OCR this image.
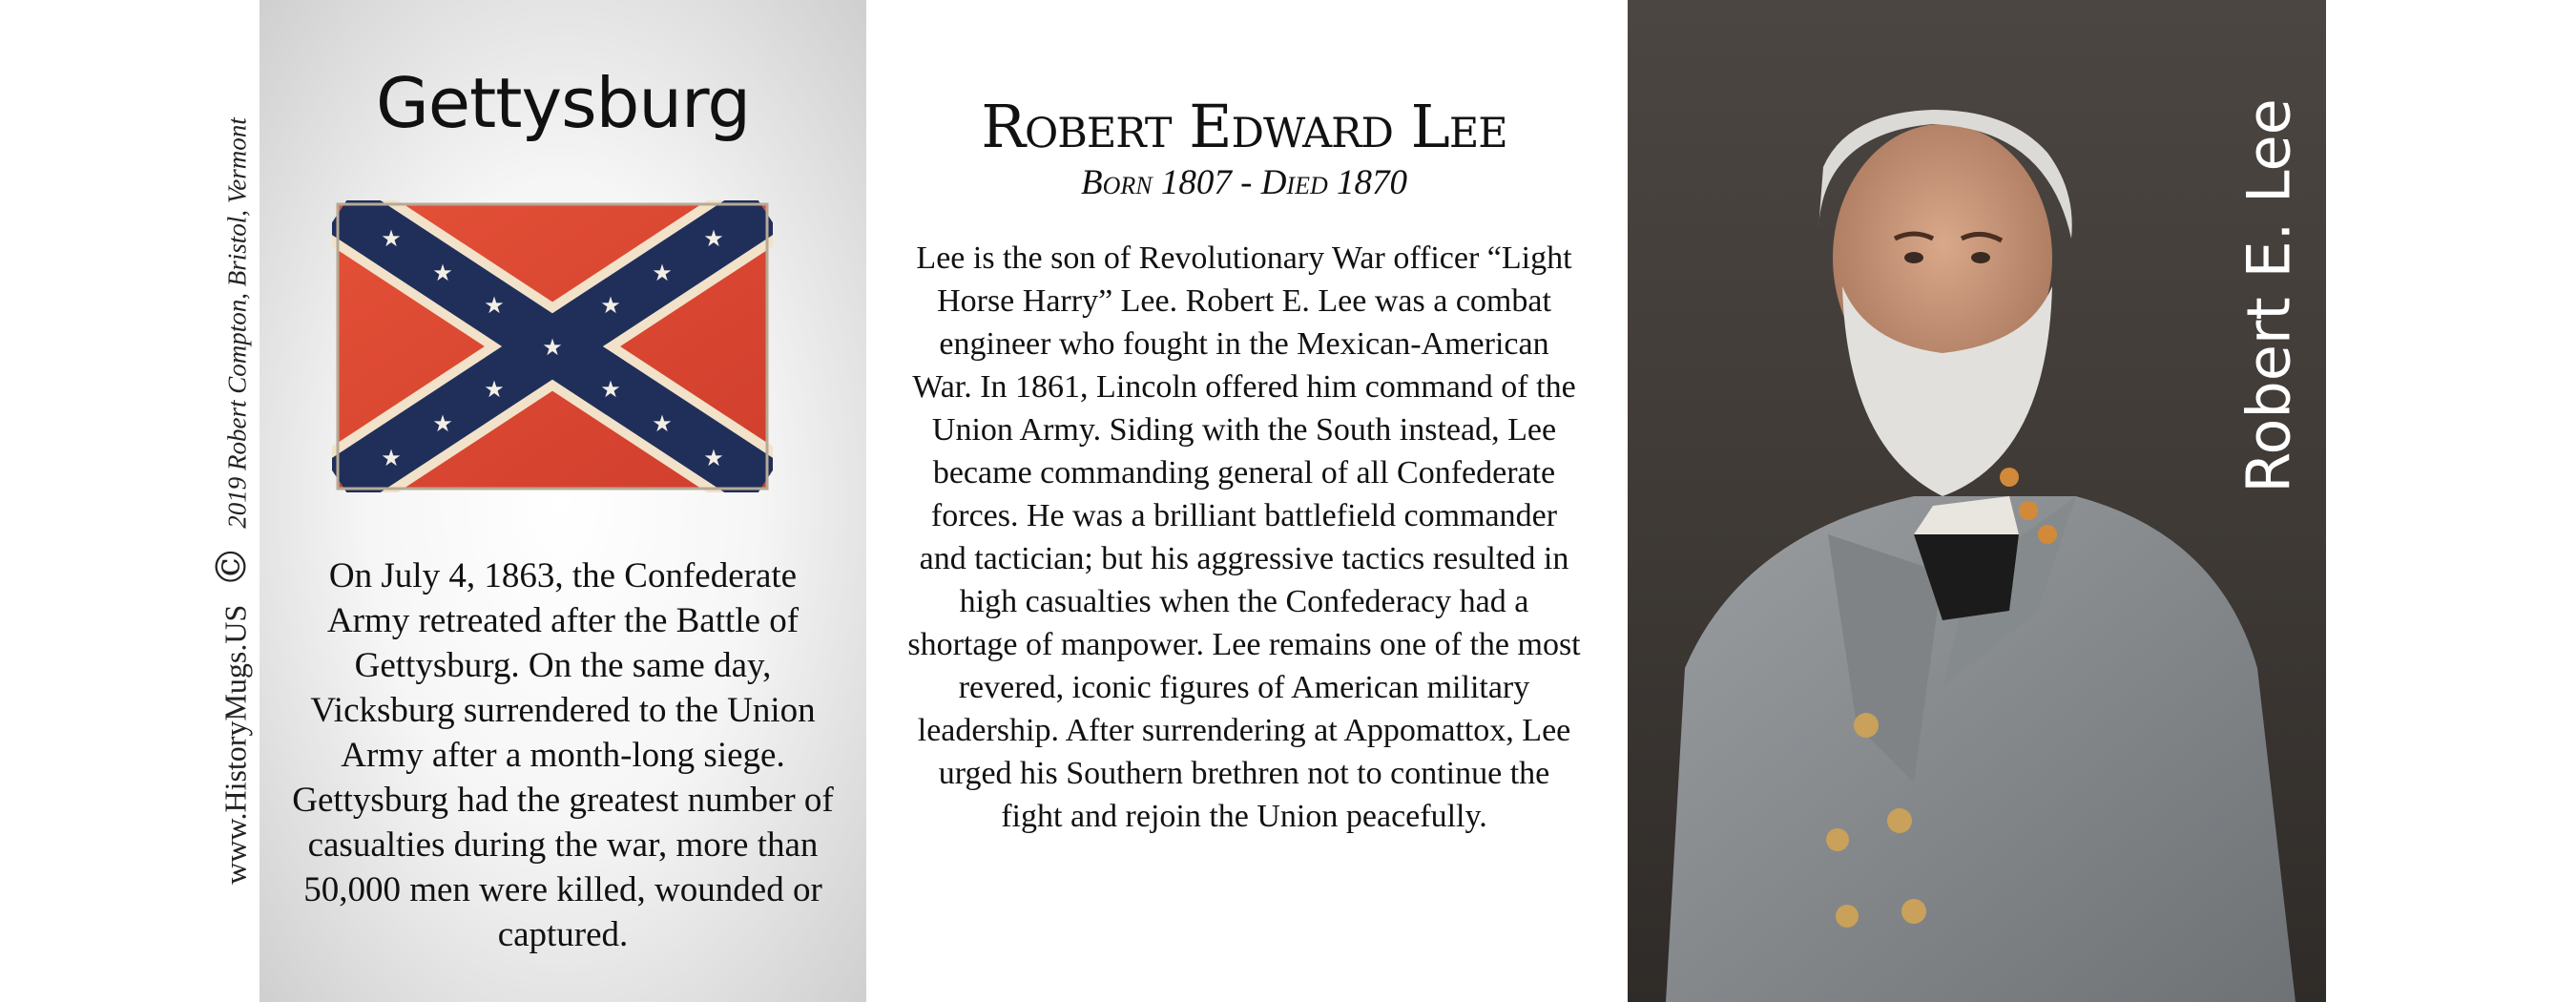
www.HistoryMugs.US
©
2019 Robert Compton, Bristol, Vermont
Gettysburg
★
★
★
★
★
★
★
★
★
★
★
★
★
On July 4, 1863, the Confederate Army retreated after the Battle of Gettysburg. On the same day, Vicksburg surrendered to the Union Army after a month-long siege. Gettysburg had the greatest number of casualties during the war, more than 50,000 men were killed, wounded or captured.
Robert Edward Lee
Born 1807 - Died 1870
Lee is the son of Revolutionary War officer “Light Horse Harry” Lee. Robert E. Lee was a combat engineer who fought in the Mexican-American War. In 1861, Lincoln offered him command of the Union Army. Siding with the South instead, Lee became commanding general of all Confederate forces. He was a brilliant battlefield commander and tactician; but his aggressive tactics resulted in high casualties when the Confederacy had a shortage of manpower. Lee remains one of the most revered, iconic figures of American military leadership. After surrendering at Appomattox, Lee urged his Southern brethren not to continue the fight and rejoin the Union peacefully.
Robert E. Lee
